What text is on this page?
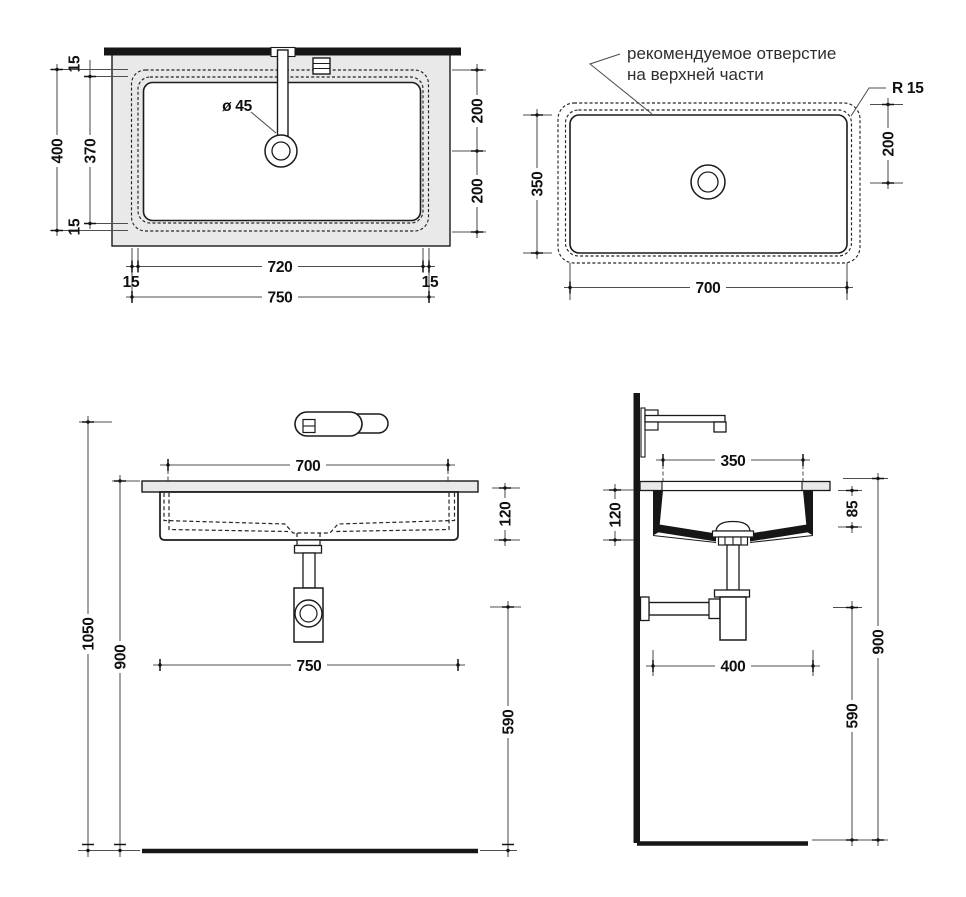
400 370
15
15
200
200
720
750
15	15
ø 45
рекомендуемое отверстие
на верхней части
R 15
350
700
200
700
1050
900
120
750
590
350
120	85
400
590
900
